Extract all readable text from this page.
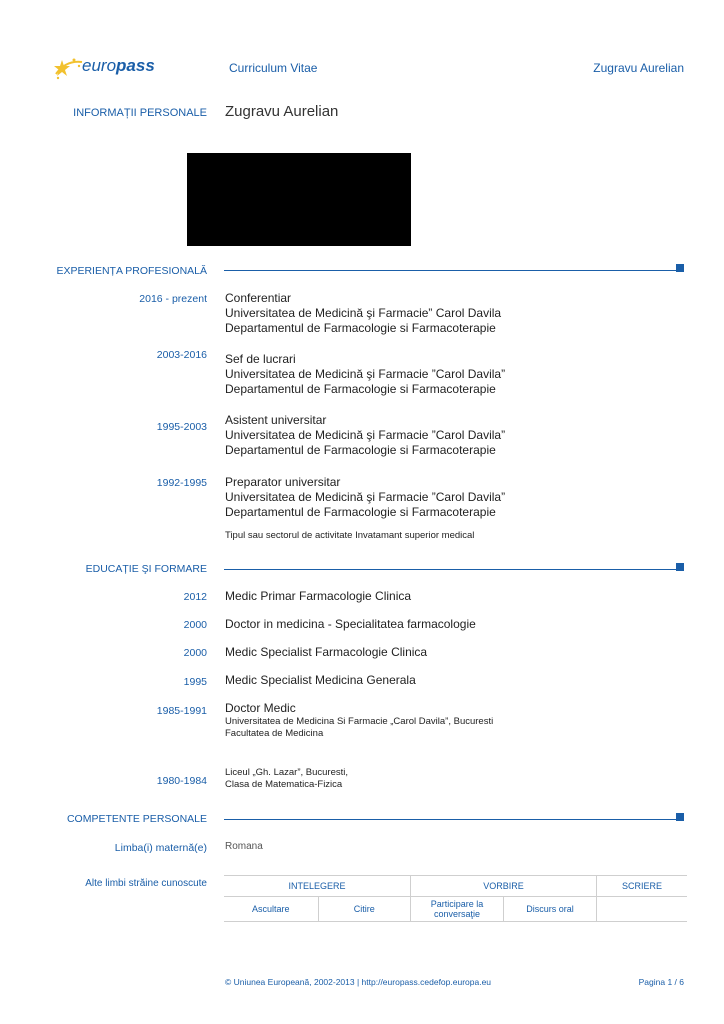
europass	Curriculum Vitae	Zugravu Aurelian
INFORMAȚII PERSONALE Zugravu Aurelian
EXPERIENȚA PROFESIONALĂ
2016 - prezent Conferentiar
Universitatea de Medicină şi Farmacie” Carol Davila
Departamentul de Farmacologie si Farmacoterapie
2003-2016 Sef de lucrari
Universitatea de Medicină şi Farmacie ”Carol Davila”
Departamentul de Farmacologie si Farmacoterapie
1995-2003 Asistent universitar
Universitatea de Medicină şi Farmacie ”Carol Davila”
Departamentul de Farmacologie si Farmacoterapie
1992-1995 Preparator universitar
Universitatea de Medicină şi Farmacie ”Carol Davila”
Departamentul de Farmacologie si Farmacoterapie
Tipul sau sectorul de activitate Invatamant superior medical
EDUCAȚIE ŞI FORMARE
2012 Medic Primar Farmacologie Clinica
2000 Doctor in medicina - Specialitatea farmacologie
2000 Medic Specialist Farmacologie Clinica
1995 Medic Specialist Medicina Generala
1985-1991 Doctor Medic
Universitatea de Medicina Si Farmacie „Carol Davila”, Bucuresti
Facultatea de Medicina
1980-1984
Liceul „Gh. Lazar”, Bucuresti,
Clasa de Matematica-Fizica
COMPETENTE PERSONALE
Limba(i) maternă(e) Romana
Alte limbi străine cunoscute	INTELEGERE		VORBIRE		SCRIERE
Ascultare	Citire	Participare la conversaţie	Discurs oral	
© Uniunea Europeană, 2002-2013 | http://europass.cedefop.europa.eu	Pagina 1 / 6
